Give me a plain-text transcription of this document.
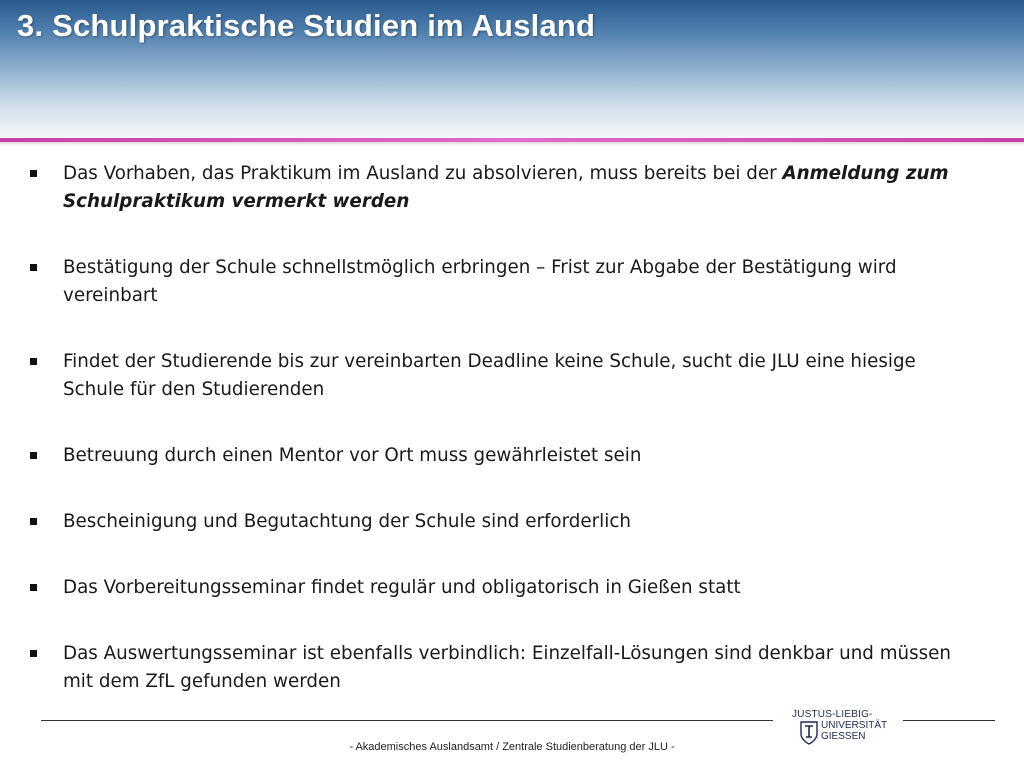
3. Schulpraktische Studien im Ausland
Das Vorhaben, das Praktikum im Ausland zu absolvieren, muss bereits bei der Anmeldung zum Schulpraktikum vermerkt werden
Bestätigung der Schule schnellstmöglich erbringen – Frist zur Abgabe der Bestätigung wird vereinbart
Findet der Studierende bis zur vereinbarten Deadline keine Schule, sucht die JLU eine hiesige Schule für den Studierenden
Betreuung durch einen Mentor vor Ort muss gewährleistet sein
Bescheinigung und Begutachtung der Schule sind erforderlich
Das Vorbereitungsseminar findet regulär und obligatorisch in Gießen statt
Das Auswertungsseminar ist ebenfalls verbindlich: Einzelfall-Lösungen sind denkbar und müssen mit dem ZfL gefunden werden
JUSTUS-LIEBIG-
UNIVERSITÄT
GIESSEN
- Akademisches Auslandsamt / Zentrale Studienberatung der JLU -
